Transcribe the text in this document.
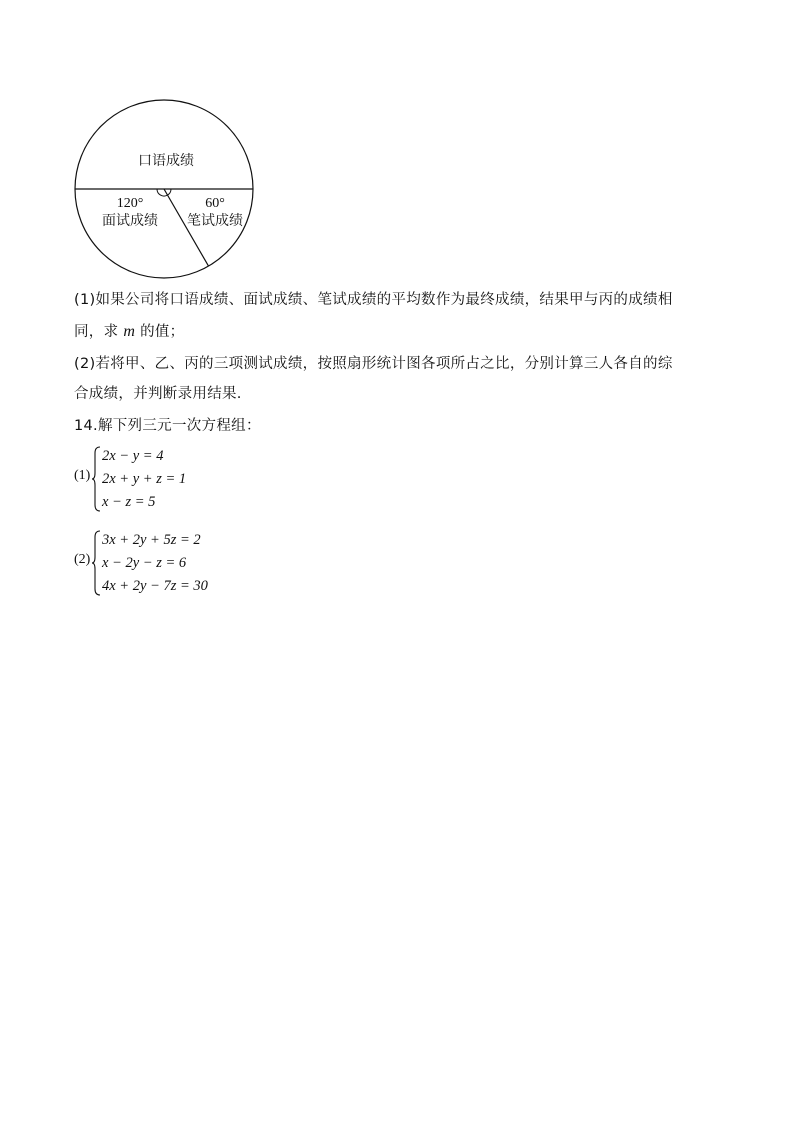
口语成绩
120°
面试成绩
60°
笔试成绩
(1)如果公司将口语成绩、面试成绩、笔试成绩的平均数作为最终成绩，结果甲与丙的成绩相
同，求 m 的值；
(2)若将甲、乙、丙的三项测试成绩，按照扇形统计图各项所占之比，分别计算三人各自的综
合成绩，并判断录用结果.
14.解下列三元一次方程组：
(1)
2x − y = 4
2x + y + z = 1
x − z = 5
(2)
3x + 2y + 5z = 2
x − 2y − z = 6
4x + 2y − 7z = 30
